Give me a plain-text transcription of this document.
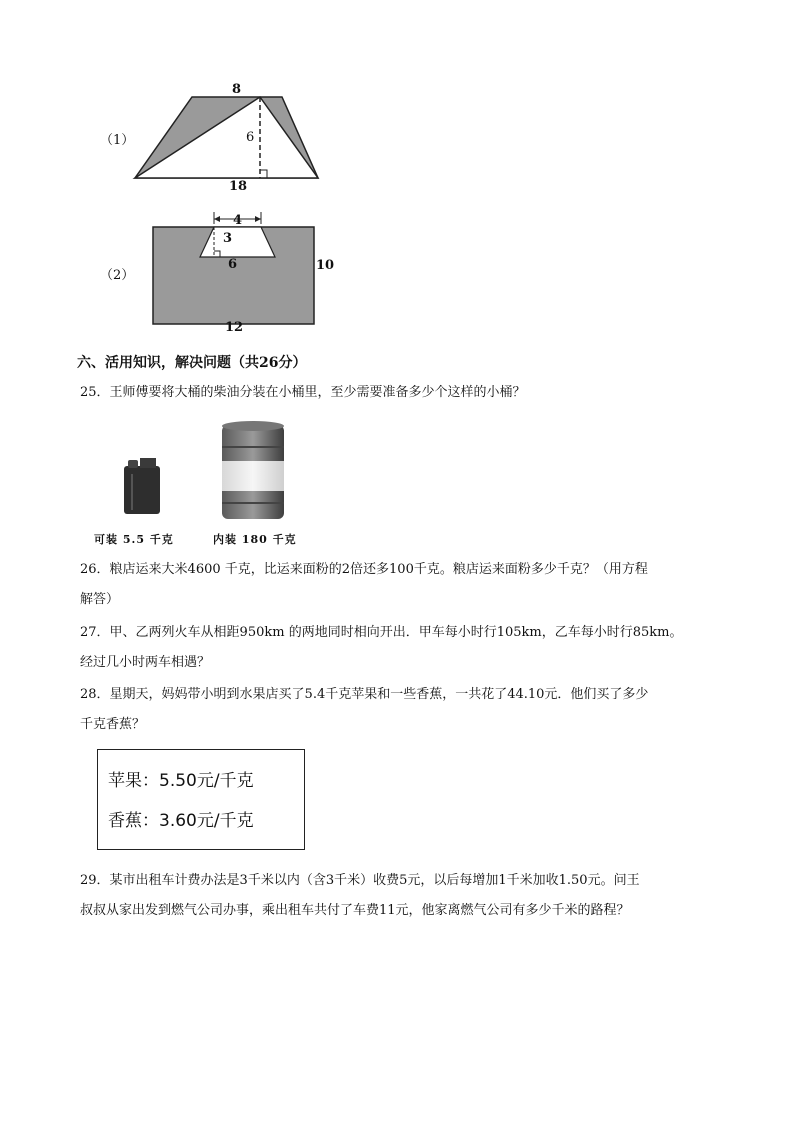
（1）
8
6
18
（2）
4
3
6	10
12
六、活用知识，解决问题（共26分）
25．王师傅要将大桶的柴油分装在小桶里，至少需要准备多少个这样的小桶？
可装 5.5 千克	内装 180 千克
26．粮店运来大米4600 千克，比运来面粉的2倍还多100千克。粮店运来面粉多少千克？（用方程
解答）
27．甲、乙两列火车从相距950km 的两地同时相向开出．甲车每小时行105km，乙车每小时行85km。
经过几小时两车相遇？
28．星期天，妈妈带小明到水果店买了5.4千克苹果和一些香蕉，一共花了44.10元．他们买了多少
千克香蕉？
苹果：5.50元/千克
香蕉：3.60元/千克
29．某市出租车计费办法是3千米以内（含3千米）收费5元，以后每增加1千米加收1.50元。问王
叔叔从家出发到燃气公司办事，乘出租车共付了车费11元，他家离燃气公司有多少千米的路程？
